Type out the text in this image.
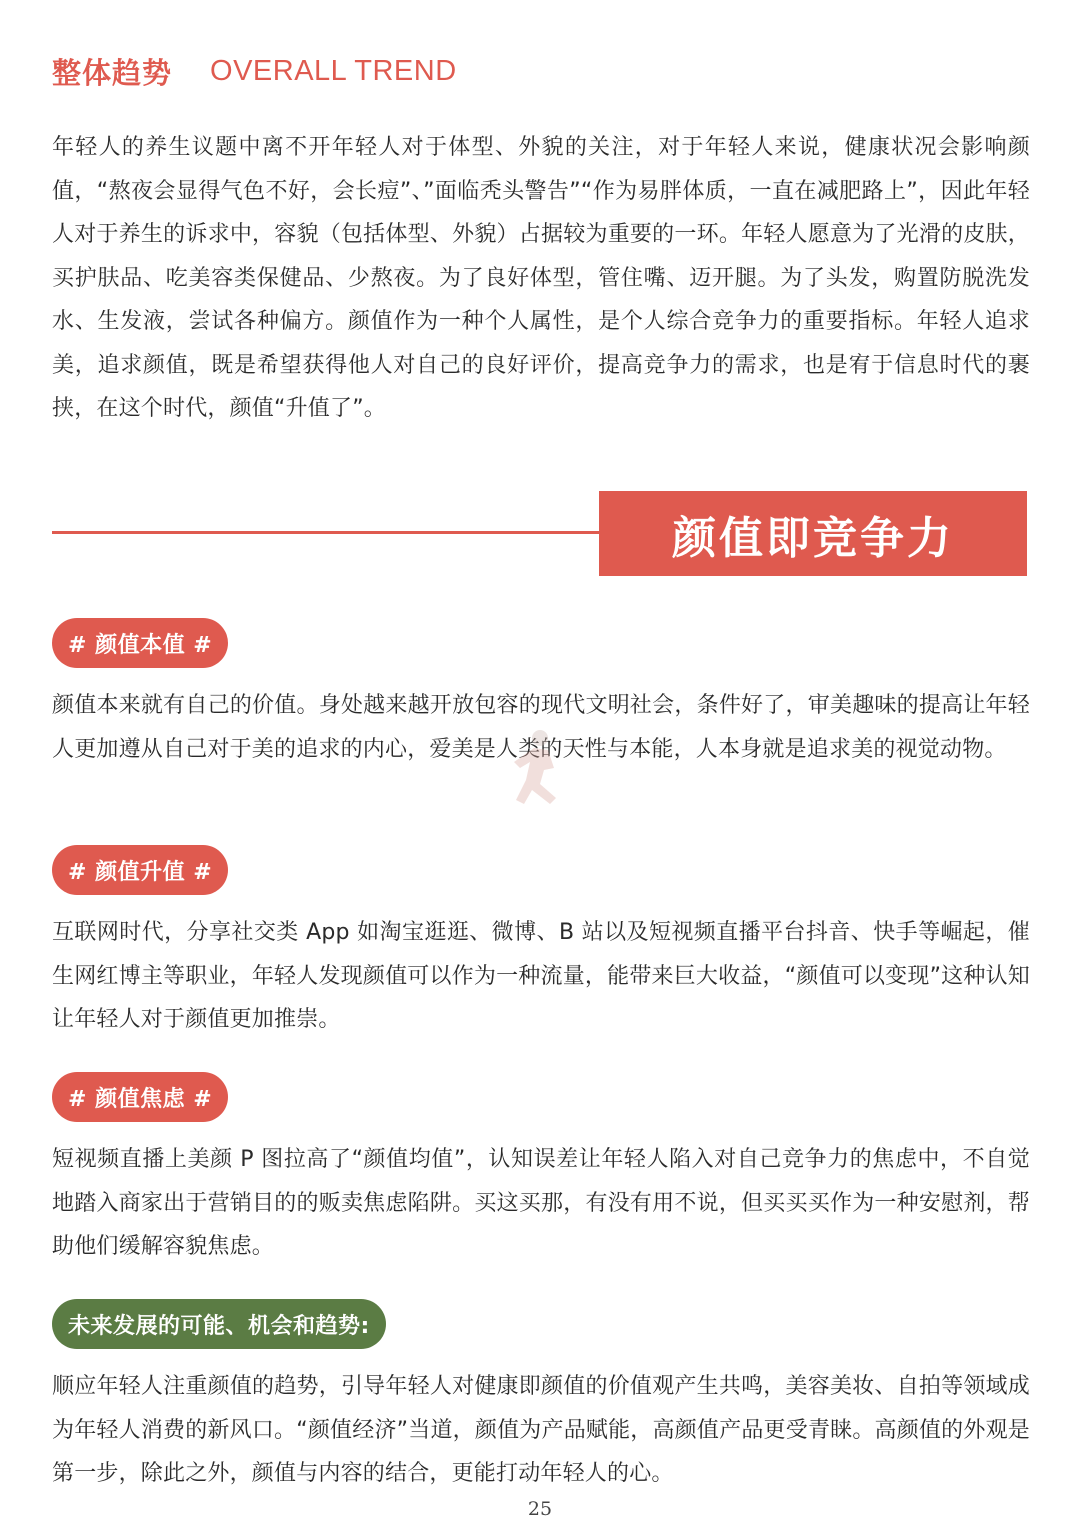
整体趋势 OVERALL TREND

年轻人的养生议题中离不开年轻人对于体型、外貌的关注，对于年轻人来说，健康状况会影响颜值，“熬夜会显得气色不好，会长痘”、”面临秃头警告”“作为易胖体质，一直在减肥路上”，因此年轻人对于养生的诉求中，容貌（包括体型、外貌）占据较为重要的一环。年轻人愿意为了光滑的皮肤，买护肤品、吃美容类保健品、少熬夜。为了良好体型，管住嘴、迈开腿。为了头发，购置防脱洗发水、生发液，尝试各种偏方。颜值作为一种个人属性，是个人综合竞争力的重要指标。年轻人追求美，追求颜值，既是希望获得他人对自己的良好评价，提高竞争力的需求，也是宥于信息时代的裹挟，在这个时代，颜值“升值了”。

颜值即竞争力
# 颜值本值 #

颜值本来就有自己的价值。身处越来越开放包容的现代文明社会，条件好了，审美趣味的提高让年轻人更加遵从自己对于美的追求的内心，爱美是人类的天性与本能，人本身就是追求美的视觉动物。

# 颜值升值 #

互联网时代，分享社交类 App 如淘宝逛逛、微博、B 站以及短视频直播平台抖音、快手等崛起，催生网红博主等职业，年轻人发现颜值可以作为一种流量，能带来巨大收益，“颜值可以变现”这种认知让年轻人对于颜值更加推崇。

# 颜值焦虑 #

短视频直播上美颜 P 图拉高了“颜值均值”，认知误差让年轻人陷入对自己竞争力的焦虑中，不自觉地踏入商家出于营销目的的贩卖焦虑陷阱。买这买那，有没有用不说，但买买买作为一种安慰剂，帮助他们缓解容貌焦虑。

未来发展的可能、机会和趋势:

顺应年轻人注重颜值的趋势，引导年轻人对健康即颜值的价值观产生共鸣，美容美妆、自拍等领域成为年轻人消费的新风口。“颜值经济”当道，颜值为产品赋能，高颜值产品更受青睐。高颜值的外观是第一步，除此之外，颜值与内容的结合，更能打动年轻人的心。

25
